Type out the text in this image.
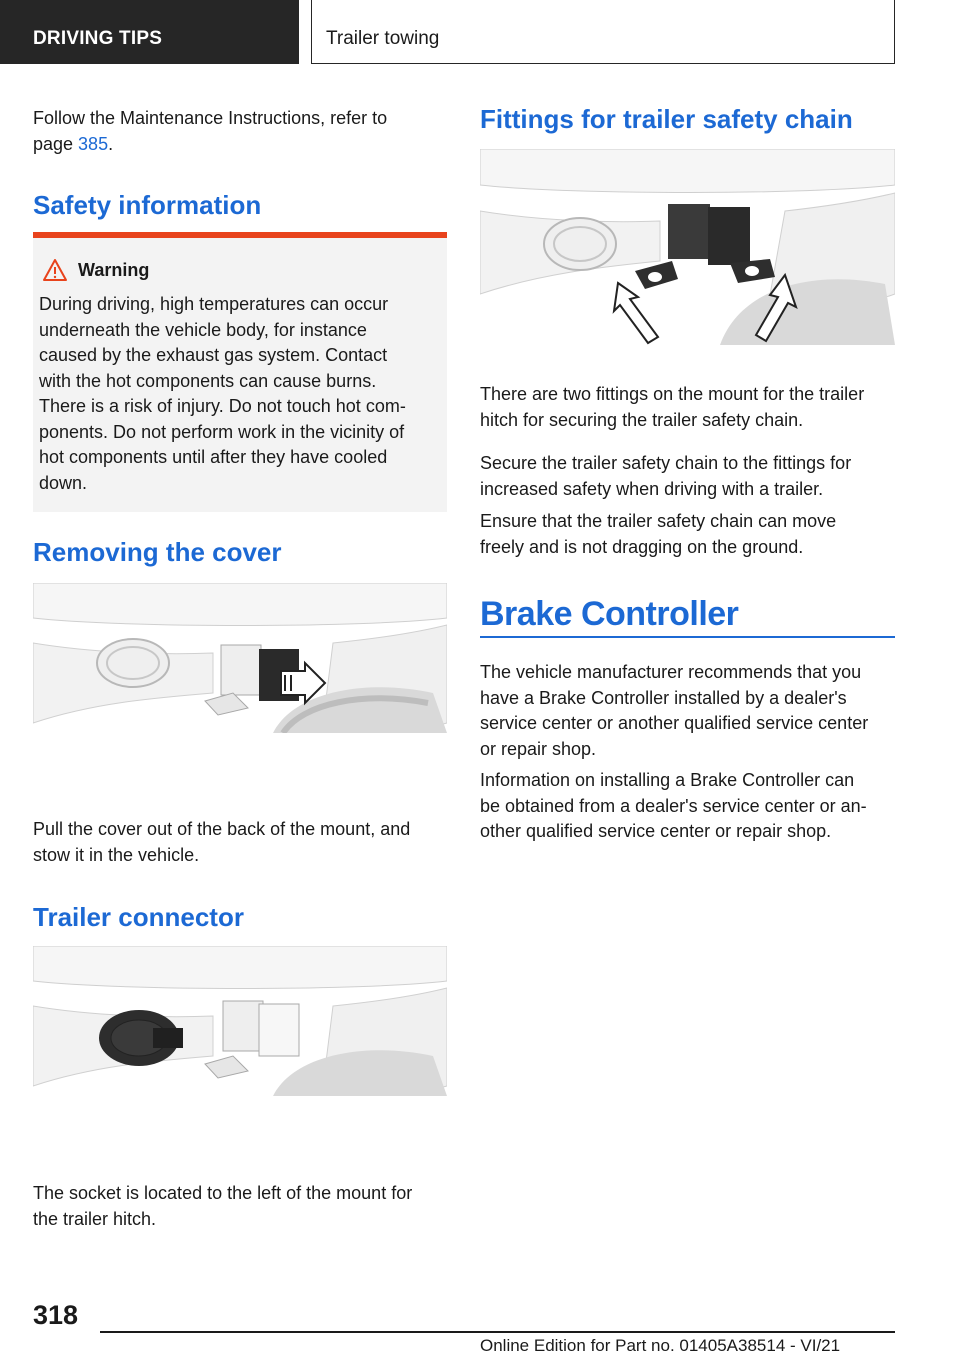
DRIVING TIPS	Trailer towing
Follow the Maintenance Instructions, refer to
page 385.
Safety information
Warning
During driving, high temperatures can occur
underneath the vehicle body, for instance
caused by the exhaust gas system. Contact
with the hot components can cause burns.
There is a risk of injury. Do not touch hot com-
ponents. Do not perform work in the vicinity of
hot components until after they have cooled
down.
Removing the cover
Pull the cover out of the back of the mount, and
stow it in the vehicle.
Trailer connector
The socket is located to the left of the mount for
the trailer hitch.
Fittings for trailer safety chain
There are two fittings on the mount for the trailer
hitch for securing the trailer safety chain.
Secure the trailer safety chain to the fittings for
increased safety when driving with a trailer.
Ensure that the trailer safety chain can move
freely and is not dragging on the ground.
Brake Controller
The vehicle manufacturer recommends that you
have a Brake Controller installed by a dealer's
service center or another qualified service center
or repair shop.
Information on installing a Brake Controller can
be obtained from a dealer's service center or an-
other qualified service center or repair shop.
318
Online Edition for Part no. 01405A38514 - VI/21
